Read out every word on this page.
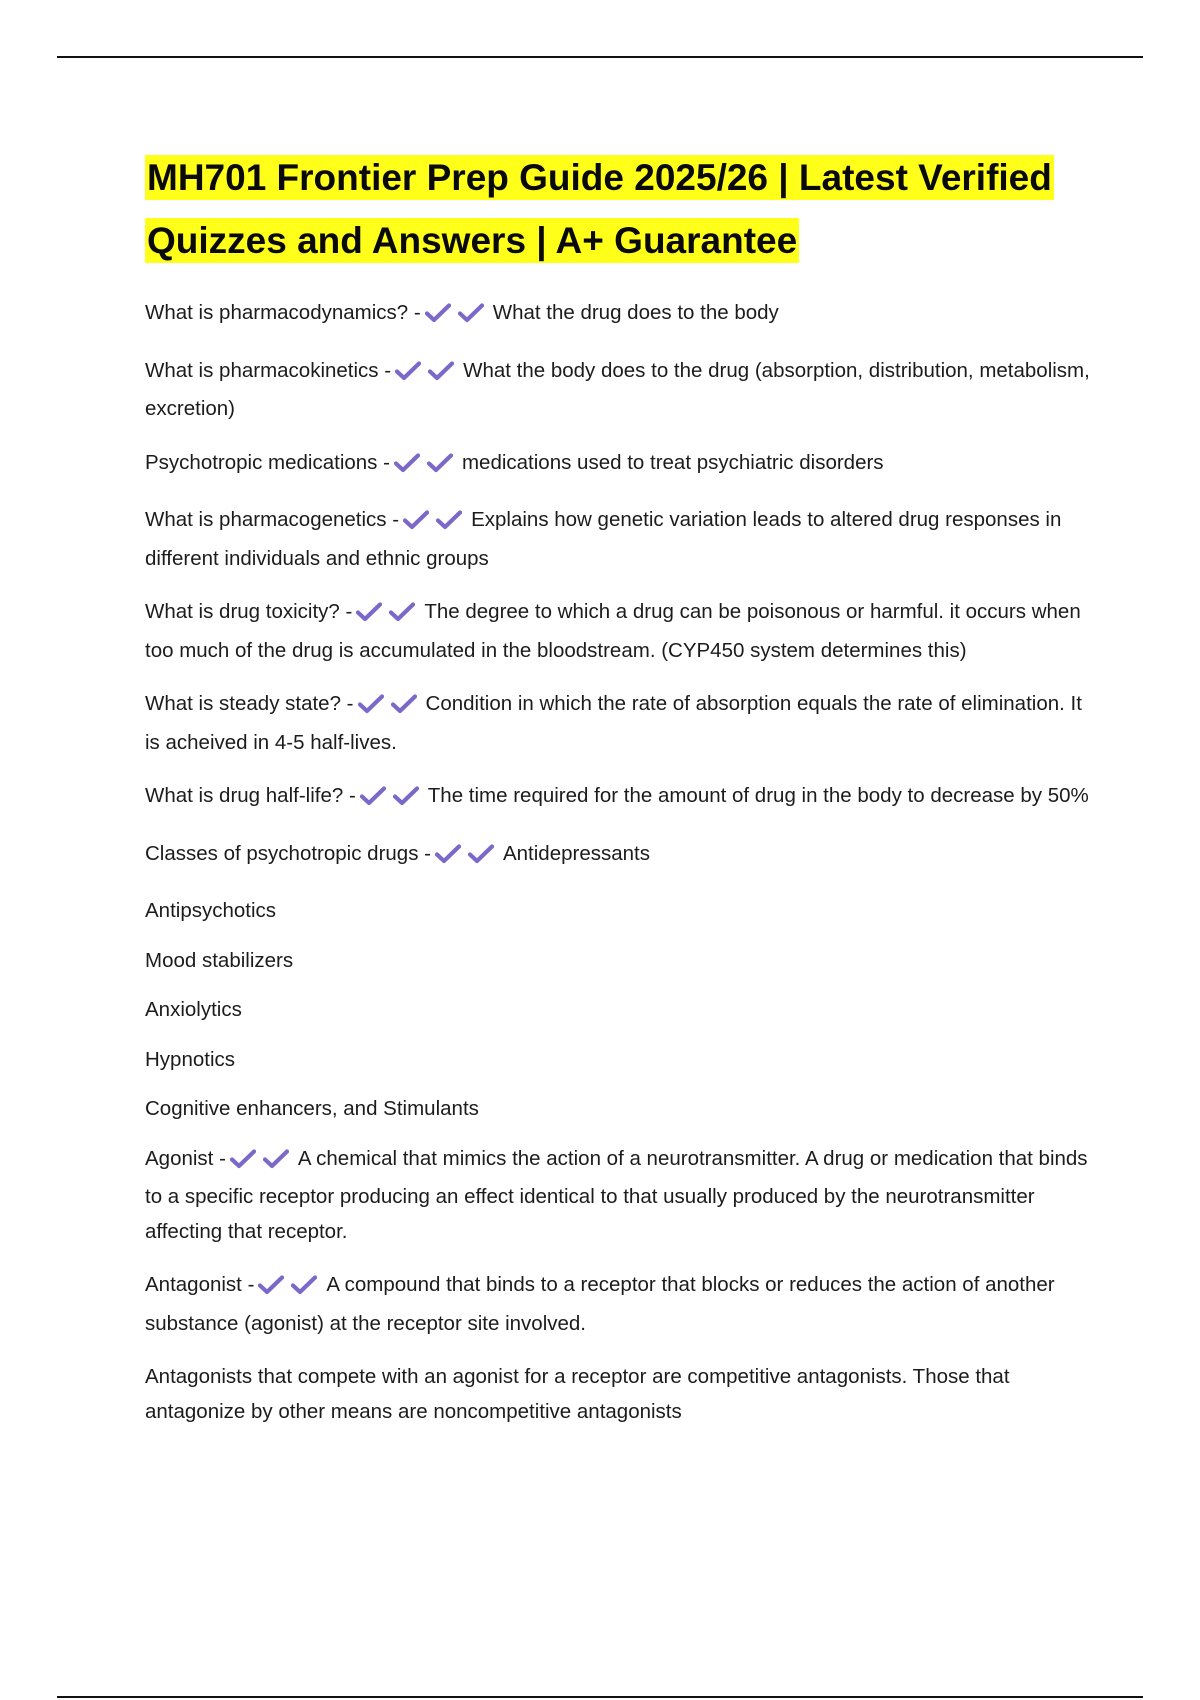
MH701 Frontier Prep Guide 2025/26 | Latest Verified Quizzes and Answers | A+ Guarantee

What is pharmacodynamics? -	What the drug does to the body

What is pharmacokinetics -	What the body does to the drug (absorption, distribution, metabolism, excretion)

Psychotropic medications -	medications used to treat psychiatric disorders

What is pharmacogenetics -	Explains how genetic variation leads to altered drug responses in different individuals and ethnic groups

What is drug toxicity? -	The degree to which a drug can be poisonous or harmful. it occurs when too much of the drug is accumulated in the bloodstream. (CYP450 system determines this)

What is steady state? -	Condition in which the rate of absorption equals the rate of elimination. It is acheived in 4-5 half-lives.

What is drug half-life? -	The time required for the amount of drug in the body to decrease by 50%

Classes of psychotropic drugs -	Antidepressants

Antipsychotics

Mood stabilizers

Anxiolytics

Hypnotics

Cognitive enhancers, and Stimulants

Agonist -	A chemical that mimics the action of a neurotransmitter. A drug or medication that binds to a specific receptor producing an effect identical to that usually produced by the neurotransmitter affecting that receptor.

Antagonist -	A compound that binds to a receptor that blocks or reduces the action of another substance (agonist) at the receptor site involved.

Antagonists that compete with an agonist for a receptor are competitive antagonists. Those that antagonize by other means are noncompetitive antagonists
